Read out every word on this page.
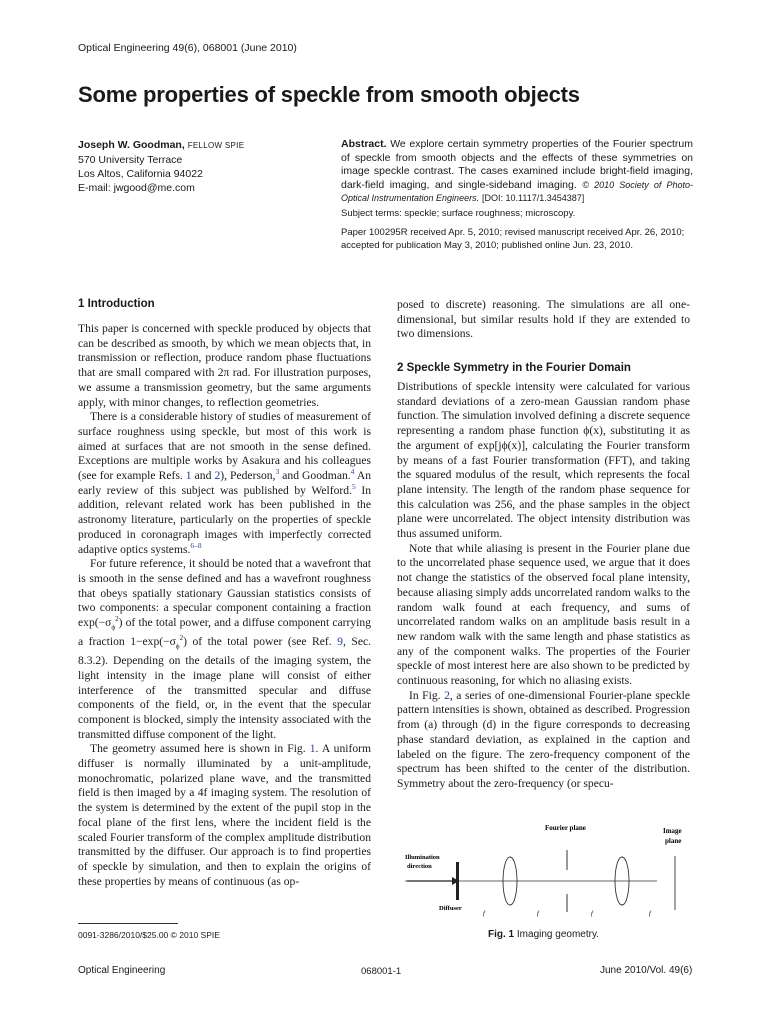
Optical Engineering 49(6), 068001 (June 2010)
Some properties of speckle from smooth objects
Joseph W. Goodman, FELLOW SPIE
570 University Terrace
Los Altos, California 94022
E-mail: jwgood@me.com
Abstract. We explore certain symmetry properties of the Fourier spectrum of speckle from smooth objects and the effects of these symmetries on image speckle contrast. The cases examined include bright-field imaging, dark-field imaging, and single-sideband imaging. © 2010 Society of Photo-Optical Instrumentation Engineers. [DOI: 10.1117/1.3454387]
Subject terms: speckle; surface roughness; microscopy.
Paper 100295R received Apr. 5, 2010; revised manuscript received Apr. 26, 2010; accepted for publication May 3, 2010; published online Jun. 23, 2010.
1 Introduction

This paper is concerned with speckle produced by objects that can be described as smooth, by which we mean objects that, in transmission or reflection, produce random phase fluctuations that are small compared with 2π rad. For illustration purposes, we assume a transmission geometry, but the same arguments apply, with minor changes, to reflection geometries.

There is a considerable history of studies of measurement of surface roughness using speckle, but most of this work is aimed at surfaces that are not smooth in the sense defined. Exceptions are multiple works by Asakura and his colleagues (see for example Refs. 1 and 2), Pederson,$^3$ and Goodman.$^4$ An early review of this subject was published by Welford.$^5$ In addition, relevant related work has been published in the astronomy literature, particularly on the properties of speckle produced in coronagraph images with imperfectly corrected adaptive optics systems.$^{6-8}$

For future reference, it should be noted that a wavefront that is smooth in the sense defined and has a wavefront roughness that obeys spatially stationary Gaussian statistics consists of two components: a specular component containing a fraction $\exp(-\sigma_\phi^2)$ of the total power, and a diffuse component carrying a fraction $1-\exp(-\sigma_\phi^2)$ of the total power (see Ref. 9, Sec. 8.3.2). Depending on the details of the imaging system, the light intensity in the image plane will consist of either interference of the transmitted specular and diffuse components of the field, or, in the event that the specular component is blocked, simply the intensity associated with the transmitted diffuse component of the light.

The geometry assumed here is shown in Fig. 1. A uniform diffuser is normally illuminated by a unit-amplitude, monochromatic, polarized plane wave, and the transmitted field is then imaged by a 4f imaging system. The resolution of the system is determined by the extent of the pupil stop in the focal plane of the first lens, where the incident field is the scaled Fourier transform of the complex amplitude distribution transmitted by the diffuser. Our approach is to find properties of speckle by simulation, and then to explain the origins of these properties by means of continuous (as op-

posed to discrete) reasoning. The simulations are all one-dimensional, but similar results hold if they are extended to two dimensions.

2 Speckle Symmetry in the Fourier Domain

Distributions of speckle intensity were calculated for various standard deviations of a zero-mean Gaussian random phase function. The simulation involved defining a discrete sequence representing a random phase function ϕ(x), substituting it as the argument of exp[jϕ(x)], calculating the Fourier transform by means of a fast Fourier transformation (FFT), and taking the squared modulus of the result, which represents the focal plane intensity. The length of the random phase sequence for this calculation was 256, and the phase samples in the object plane were uncorrelated. The object intensity distribution was thus assumed uniform.

Note that while aliasing is present in the Fourier plane due to the uncorrelated phase sequence used, we argue that it does not change the statistics of the observed focal plane intensity, because aliasing simply adds uncorrelated random walks to the random walk found at each frequency, and sums of uncorrelated random walks on an amplitude basis result in a new random walk with the same length and phase statistics as any of the component walks. The properties of the Fourier speckle of most interest here are also shown to be predicted by continuous reasoning, for which no aliasing exists.

In Fig. 2, a series of one-dimensional Fourier-plane speckle pattern intensities is shown, obtained as described. Progression from (a) through (d) in the figure corresponds to decreasing phase standard deviation, as explained in the caption and labeled on the figure. The zero-frequency component of the spectrum has been shifted to the center of the distribution. Symmetry about the zero-frequency (or specu-

Fourier plane	Image
plane
Illumination
direction
Diffuser
f	f	f	f
Fig. 1 Imaging geometry.
0091-3286/2010/$25.00 © 2010 SPIE
Optical Engineering	068001-1	June 2010/Vol. 49(6)
